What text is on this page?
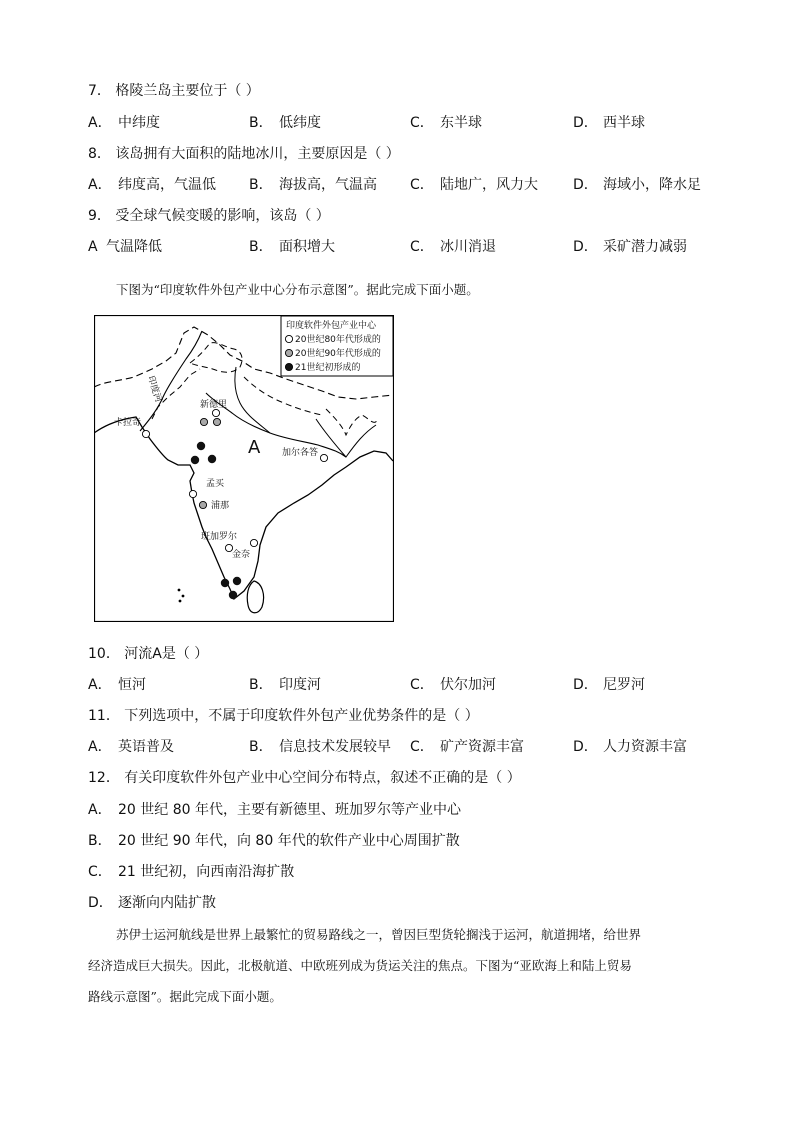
7． 格陵兰岛主要位于（ ）
A． 中纬度	B． 低纬度	C． 东半球	D． 西半球
8． 该岛拥有大面积的陆地冰川，主要原因是（ ）
A． 纬度高，气温低 B． 海拔高，气温高 C． 陆地广，风力大	D． 海域小，降水足
9． 受全球气候变暖的影响，该岛（ ）
A 气温降低	B． 面积增大	C． 冰川消退	D． 采矿潜力减弱
下图为“印度软件外包产业中心分布示意图”。据此完成下面小题。
印度软件外包产业中心
20世纪80年代形成的
20世纪90年代形成的
21世纪初形成的
卡拉奇
印度河
新德里
A 加尔各答
孟买
浦那
班加罗尔
金奈
10． 河流A是（ ）
A． 恒河	B． 印度河	C． 伏尔加河	D． 尼罗河
11． 下列选项中，不属于印度软件外包产业优势条件的是（ ）
A． 英语普及	B． 信息技术发展较早 C． 矿产资源丰富	D． 人力资源丰富
12． 有关印度软件外包产业中心空间分布特点，叙述不正确的是（ ）
A． 20 世纪 80 年代，主要有新德里、班加罗尔等产业中心
B． 20 世纪 90 年代，向 80 年代的软件产业中心周围扩散
C． 21 世纪初，向西南沿海扩散
D． 逐渐向内陆扩散
苏伊士运河航线是世界上最繁忙的贸易路线之一，曾因巨型货轮搁浅于运河，航道拥堵，给世界
经济造成巨大损失。因此，北极航道、中欧班列成为货运关注的焦点。下图为“亚欧海上和陆上贸易
路线示意图”。据此完成下面小题。
